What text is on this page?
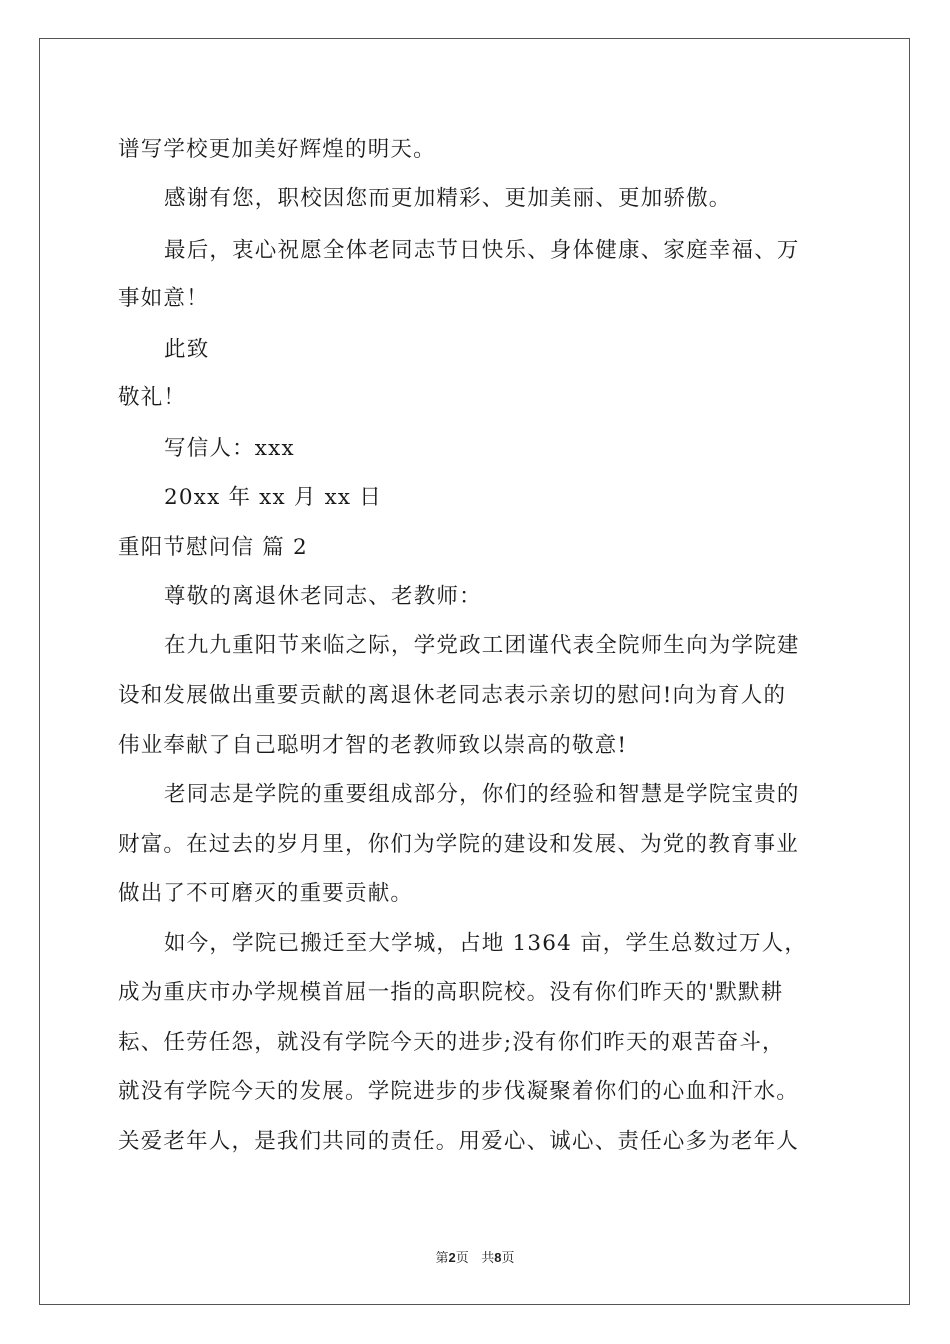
谱写学校更加美好辉煌的明天。
感谢有您，职校因您而更加精彩、更加美丽、更加骄傲。
最后，衷心祝愿全体老同志节日快乐、身体健康、家庭幸福、万
事如意！
此致
敬礼！
写信人：xxx
20xx 年 xx 月 xx 日
重阳节慰问信 篇 2
尊敬的离退休老同志、老教师：
在九九重阳节来临之际，学党政工团谨代表全院师生向为学院建
设和发展做出重要贡献的离退休老同志表示亲切的慰问!向为育人的
伟业奉献了自己聪明才智的老教师致以崇高的敬意!
老同志是学院的重要组成部分，你们的经验和智慧是学院宝贵的
财富。在过去的岁月里，你们为学院的建设和发展、为党的教育事业
做出了不可磨灭的重要贡献。
如今，学院已搬迁至大学城，占地 1364 亩，学生总数过万人，
成为重庆市办学规模首屈一指的高职院校。没有你们昨天的'默默耕
耘、任劳任怨，就没有学院今天的进步;没有你们昨天的艰苦奋斗，
就没有学院今天的发展。学院进步的步伐凝聚着你们的心血和汗水。
关爱老年人，是我们共同的责任。用爱心、诚心、责任心多为老年人
第2页 共8页
